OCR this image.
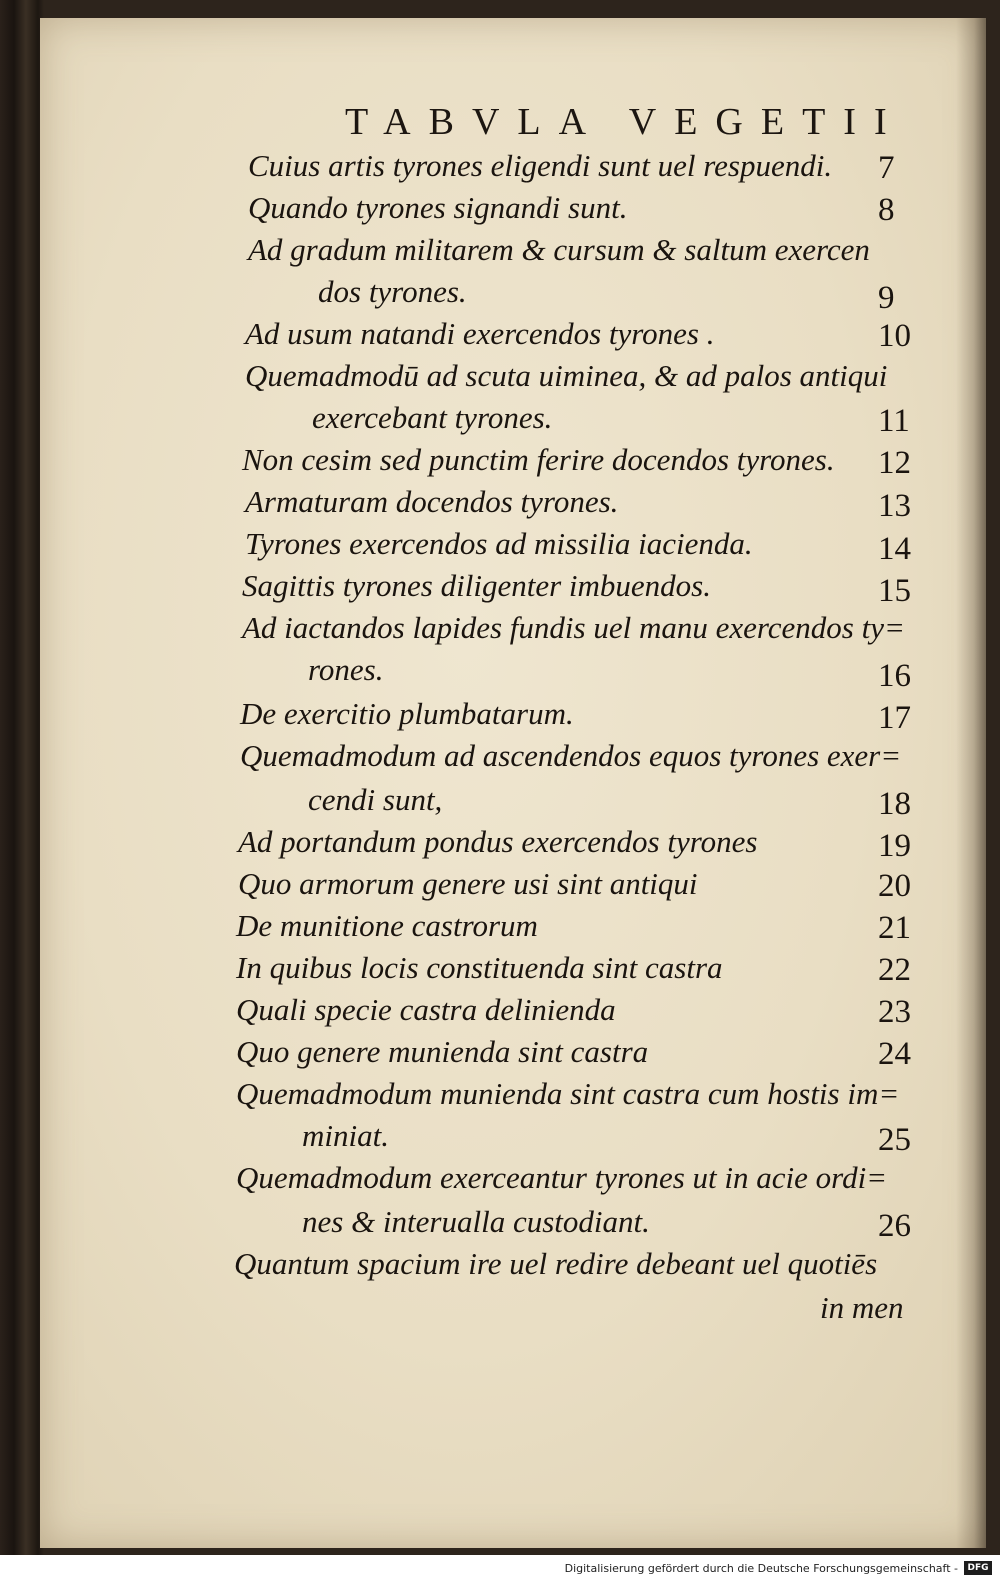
TABVLA VEGETII
Cuius artis tyrones eligendi sunt uel respuendi. 7
Quando tyrones signandi sunt.	8
Ad gradum militarem & cursum & saltum exercen
dos tyrones.	9
Ad usum natandi exercendos tyrones .	10
Quemadmodū ad scuta uiminea, & ad palos antiqui
exercebant tyrones.	11
Non cesim sed punctim ferire docendos tyrones. 12
Armaturam docendos tyrones.	13
Tyrones exercendos ad missilia iacienda.	14
Sagittis tyrones diligenter imbuendos.	15
Ad iactandos lapides fundis uel manu exercendos ty=
rones.	16
De exercitio plumbatarum.	17
Quemadmodum ad ascendendos equos tyrones exer=
cendi sunt,	18
Ad portandum pondus exercendos tyrones	19
Quo armorum genere usi sint antiqui	20
De munitione castrorum	21
In quibus locis constituenda sint castra	22
Quali specie castra delinienda	23
Quo genere munienda sint castra	24
Quemadmodum munienda sint castra cum hostis im=
miniat.	25
Quemadmodum exerceantur tyrones ut in acie ordi=
nes & interualla custodiant.	26
Quantum spacium ire uel redire debeant uel quotiēs
in men
Digitalisierung gefördert durch die Deutsche Forschungsgemeinschaft -	DFG
